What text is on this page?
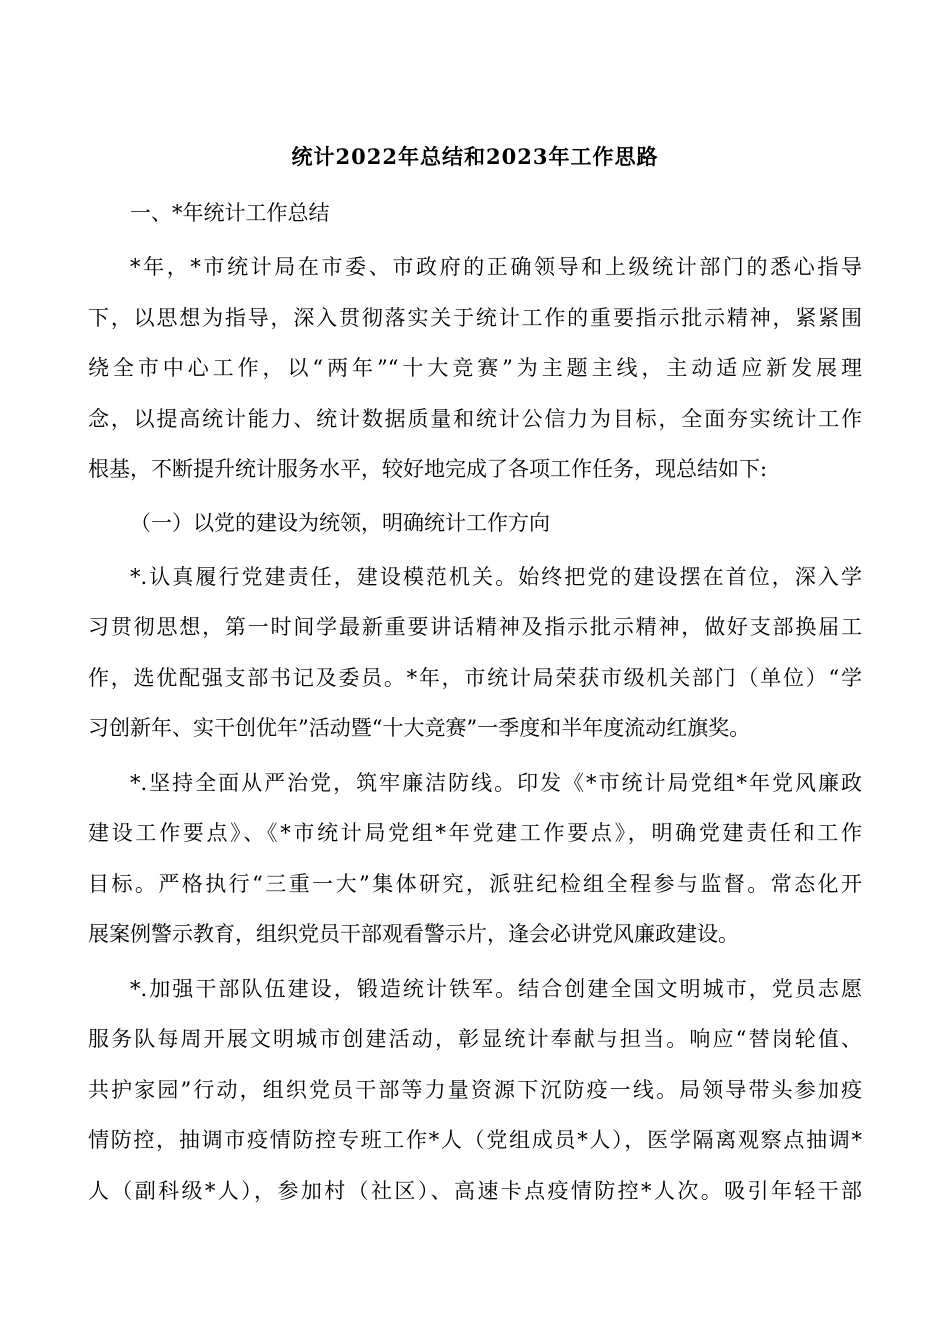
统计2022年总结和2023年工作思路
一、*年统计工作总结
*年，*市统计局在市委、市政府的正确领导和上级统计部门的悉心指导
下，以思想为指导，深入贯彻落实关于统计工作的重要指示批示精神，紧紧围
绕全市中心工作，以“两年”“十大竞赛”为主题主线，主动适应新发展理
念，以提高统计能力、统计数据质量和统计公信力为目标，全面夯实统计工作
根基，不断提升统计服务水平，较好地完成了各项工作任务，现总结如下:
（一）以党的建设为统领，明确统计工作方向
*.认真履行党建责任，建设模范机关。始终把党的建设摆在首位，深入学
习贯彻思想，第一时间学最新重要讲话精神及指示批示精神，做好支部换届工
作，选优配强支部书记及委员。*年，市统计局荣获市级机关部门（单位）“学
习创新年、实干创优年”活动暨“十大竞赛”一季度和半年度流动红旗奖。
*.坚持全面从严治党，筑牢廉洁防线。印发《*市统计局党组*年党风廉政
建设工作要点》、《*市统计局党组*年党建工作要点》，明确党建责任和工作
目标。严格执行“三重一大”集体研究，派驻纪检组全程参与监督。常态化开
展案例警示教育，组织党员干部观看警示片，逢会必讲党风廉政建设。
*.加强干部队伍建设，锻造统计铁军。结合创建全国文明城市，党员志愿
服务队每周开展文明城市创建活动，彰显统计奉献与担当。响应“替岗轮值、
共护家园”行动，组织党员干部等力量资源下沉防疫一线。局领导带头参加疫
情防控，抽调市疫情防控专班工作*人（党组成员*人），医学隔离观察点抽调*
人（副科级*人），参加村（社区）、高速卡点疫情防控*人次。吸引年轻干部
